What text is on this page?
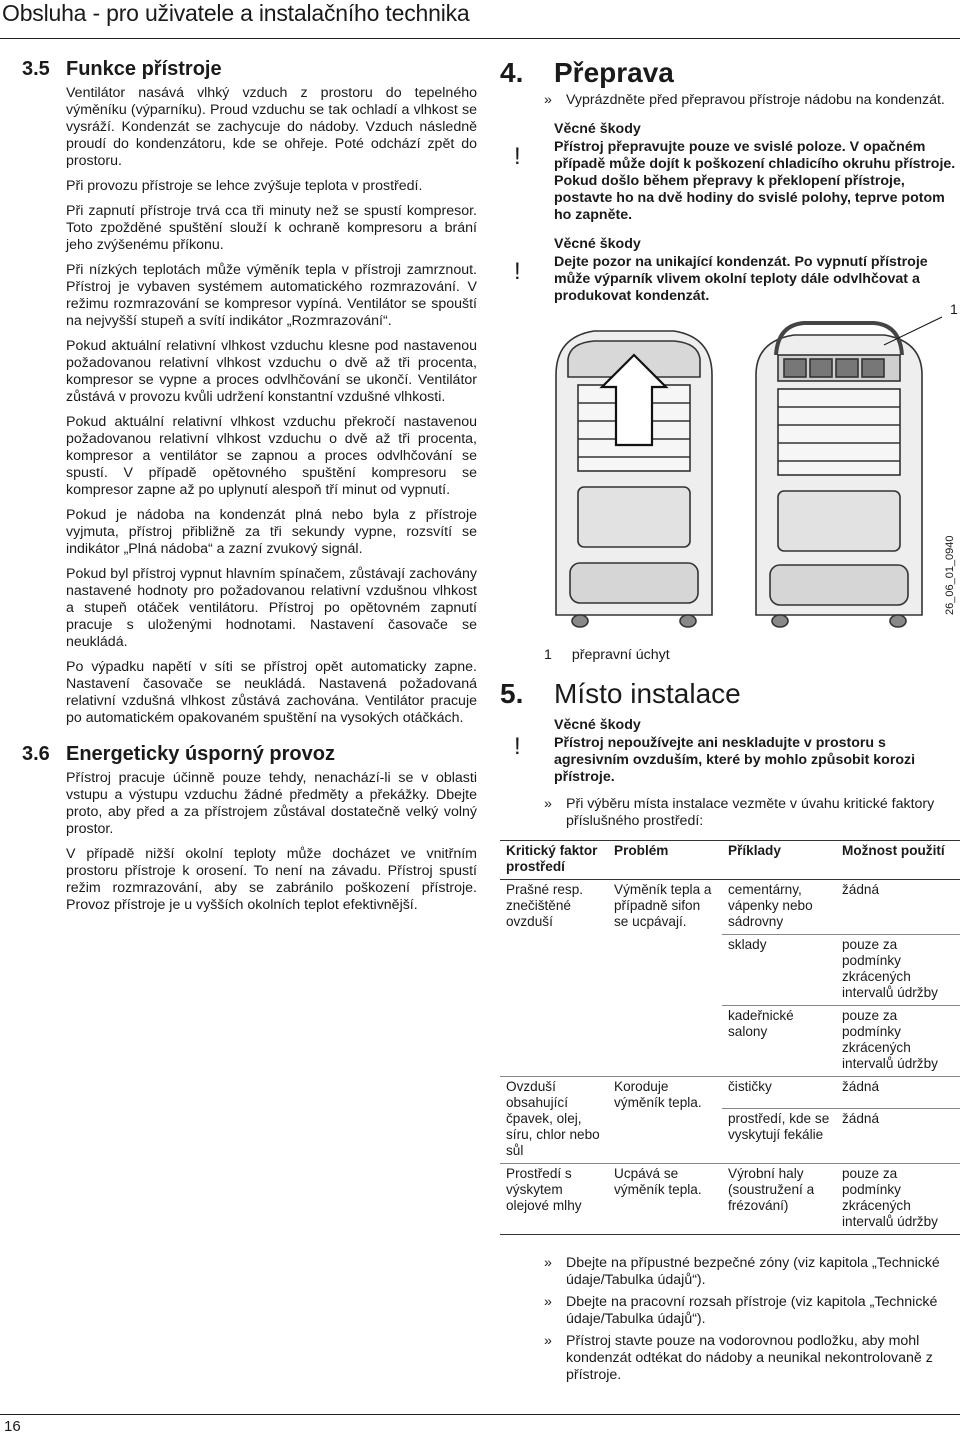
Obsluha - pro uživatele a instalačního technika
3.5 Funkce přístroje

Ventilátor nasává vlhký vzduch z prostoru do tepelného výměníku (výparníku). Proud vzduchu se tak ochladí a vlhkost se vysráží. Kondenzát se zachycuje do nádoby. Vzduch následně proudí do kondenzátoru, kde se ohřeje. Poté odchází zpět do prostoru.

Při provozu přístroje se lehce zvýšuje teplota v prostředí.

Při zapnutí přístroje trvá cca tři minuty než se spustí kompresor. Toto zpožděné spuštění slouží k ochraně kompresoru a brání jeho zvýšenému příkonu.

Při nízkých teplotách může výměník tepla v přístroji zamrznout. Přístroj je vybaven systémem automatického rozmrazování. V režimu rozmrazování se kompresor vypíná. Ventilátor se spouští na nejvyšší stupeň a svítí indikátor „Rozmrazování“.

Pokud aktuální relativní vlhkost vzduchu klesne pod nastavenou požadovanou relativní vlhkost vzduchu o dvě až tři procenta, kompresor se vypne a proces odvlhčování se ukončí. Ventilátor zůstává v provozu kvůli udržení konstantní vzdušné vlhkosti.

Pokud aktuální relativní vlhkost vzduchu překročí nastavenou požadovanou relativní vlhkost vzduchu o dvě až tři procenta, kompresor a ventilátor se zapnou a proces odvlhčování se spustí. V případě opětovného spuštění kompresoru se kompresor zapne až po uplynutí alespoň tří minut od vypnutí.

Pokud je nádoba na kondenzát plná nebo byla z přístroje vyjmuta, přístroj přibližně za tři sekundy vypne, rozsvítí se indikátor „Plná nádoba“ a zazní zvukový signál.

Pokud byl přístroj vypnut hlavním spínačem, zůstávají zachovány nastavené hodnoty pro požadovanou relativní vzdušnou vlhkost a stupeň otáček ventilátoru. Přístroj po opětovném zapnutí pracuje s uloženými hodnotami. Nastavení časovače se neukládá.

Po výpadku napětí v síti se přístroj opět automaticky zapne. Nastavení časovače se neukládá. Nastavená požadovaná relativní vzdušná vlhkost zůstává zachována. Ventilátor pracuje po automatickém opakovaném spuštění na vysokých otáčkách.

3.6 Energeticky úsporný provoz

Přístroj pracuje účinně pouze tehdy, nenachází-li se v oblasti vstupu a výstupu vzduchu žádné předměty a překážky. Dbejte proto, aby před a za přístrojem zůstával dostatečně velký volný prostor.

V případě nižší okolní teploty může docházet ve vnitřním prostoru přístroje k orosení. To není na závadu. Přístroj spustí režim rozmrazování, aby se zabránilo poškození přístroje. Provoz přístroje je u vyšších okolních teplot efektivnější.

4.	Přeprava
» Vyprázdněte před přepravou přístroje nádobu na kondenzát.
!
Věcné škody
Přístroj přepravujte pouze ve svislé poloze. V opačném případě může dojít k poškození chladicího okruhu přístroje.
Pokud došlo během přepravy k překlopení přístroje, postavte ho na dvě hodiny do svislé polohy, teprve potom ho zapněte.
!
Věcné škody
Dejte pozor na unikající kondenzát. Po vypnutí přístroje může výparník vlivem okolní teploty dále odvlhčovat a produkovat kondenzát.
1
26_06_01_0940
1 přepravní úchyt
5.	Místo instalace
!
Věcné škody
Přístroj nepoužívejte ani neskladujte v prostoru s agresivním ovzduším, které by mohlo způsobit korozi přístroje.
» Při výběru místa instalace vezměte v úvahu kritické faktory příslušného prostředí:
Kritický faktor prostředí	Problém	Příklady	Možnost použití
Prašné resp. znečištěné ovzduší	Výměník tepla a případně sifon se ucpávají.	cementárny, vápenky nebo sádrovny	žádná
		sklady	pouze za podmínky zkrácených intervalů údržby
		kadeřnické salony	pouze za podmínky zkrácených intervalů údržby
Ovzduší obsahující čpavek, olej, síru, chlor nebo sůl	Koroduje výměník tepla.	čističky	žádná
		prostředí, kde se vyskytují fekálie	žádná
Prostředí s výskytem olejové mlhy	Ucpává se výměník tepla.	Výrobní haly (soustružení a frézování)	pouze za podmínky zkrácených intervalů údržby
» Dbejte na přípustné bezpečné zóny (viz kapitola „Technické údaje/Tabulka údajů“).
» Dbejte na pracovní rozsah přístroje (viz kapitola „Technické údaje/Tabulka údajů“).
» Přístroj stavte pouze na vodorovnou podložku, aby mohl kondenzát odtékat do nádoby a neunikal nekontrolovaně z přístroje.
16
